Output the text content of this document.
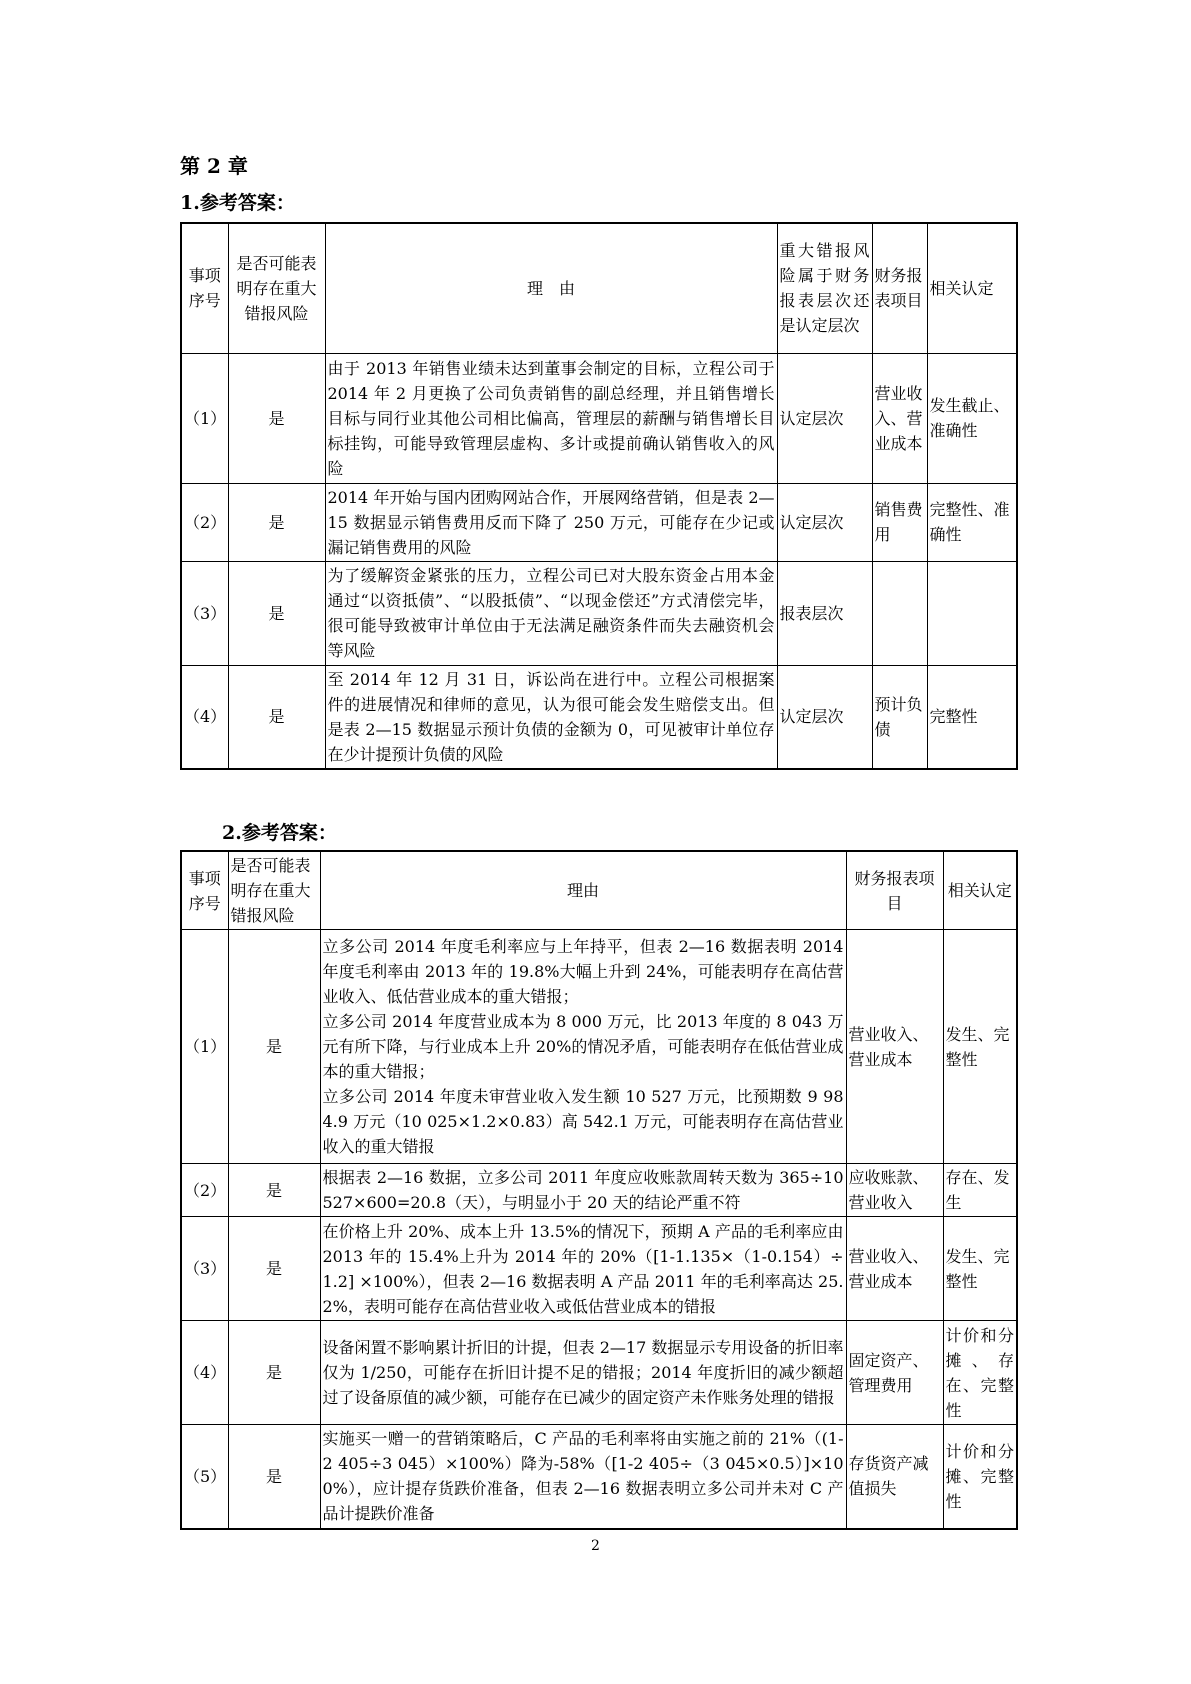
第 2 章

1.参考答案：

事项序号	是否可能表明存在重大错报风险	理　由	重大错报风险属于财务报表层次还是认定层次	财务报表项目	相关认定
（1）	是	由于 2013 年销售业绩未达到董事会制定的目标，立程公司于 2014 年 2 月更换了公司负责销售的副总经理，并且销售增长目标与同行业其他公司相比偏高，管理层的薪酬与销售增长目标挂钩，可能导致管理层虚构、多计或提前确认销售收入的风险	认定层次	营业收入、营业成本	发生截止、准确性
（2）	是	2014 年开始与国内团购网站合作，开展网络营销，但是表 2—15 数据显示销售费用反而下降了 250 万元，可能存在少记或漏记销售费用的风险	认定层次	销售费用	完整性、准确性
（3）	是	为了缓解资金紧张的压力，立程公司已对大股东资金占用本金通过“以资抵债”、“以股抵债”、“以现金偿还”方式清偿完毕，很可能导致被审计单位由于无法满足融资条件而失去融资机会等风险	报表层次		
（4）	是	至 2014 年 12 月 31 日，诉讼尚在进行中。立程公司根据案件的进展情况和律师的意见，认为很可能会发生赔偿支出。但是表 2—15 数据显示预计负债的金额为 0，可见被审计单位存在少计提预计负债的风险	认定层次	预计负债	完整性

2.参考答案：

事项序号	是否可能表明存在重大错报风险	理由	财务报表项目	相关认定
（1）	是	立多公司 2014 年度毛利率应与上年持平，但表 2—16 数据表明 2014 年度毛利率由 2013 年的 19.8%大幅上升到 24%，可能表明存在高估营业收入、低估营业成本的重大错报；
立多公司 2014 年度营业成本为 8 000 万元，比 2013 年度的 8 043 万元有所下降，与行业成本上升 20%的情况矛盾，可能表明存在低估营业成本的重大错报；
立多公司 2014 年度未审营业收入发生额 10 527 万元，比预期数 9 984.9 万元（10 025×1.2×0.83）高 542.1 万元，可能表明存在高估营业收入的重大错报	营业收入、营业成本	发生、完整性
（2）	是	根据表 2—16 数据，立多公司 2011 年度应收账款周转天数为 365÷10 527×600=20.8（天），与明显小于 20 天的结论严重不符	应收账款、营业收入	存在、发生
（3）	是	在价格上升 20%、成本上升 13.5%的情况下，预期 A 产品的毛利率应由 2013 年的 15.4%上升为 2014 年的 20%（[1-1.135×（1-0.154）÷1.2] ×100%），但表 2—16 数据表明 A 产品 2011 年的毛利率高达 25.2%，表明可能存在高估营业收入或低估营业成本的错报	营业收入、营业成本	发生、完整性
（4）	是	设备闲置不影响累计折旧的计提，但表 2—17 数据显示专用设备的折旧率仅为 1/250，可能存在折旧计提不足的错报；2014 年度折旧的减少额超过了设备原值的减少额，可能存在已减少的固定资产未作账务处理的错报	固定资产、管理费用	计价和分摊、存在、完整性
（5）	是	实施买一赠一的营销策略后，C 产品的毛利率将由实施之前的 21%（(1-2 405÷3 045）×100%）降为-58%（[1-2 405÷（3 045×0.5）]×100%），应计提存货跌价准备，但表 2—16 数据表明立多公司并未对 C 产品计提跌价准备	存货资产减值损失	计价和分摊、完整性

2
